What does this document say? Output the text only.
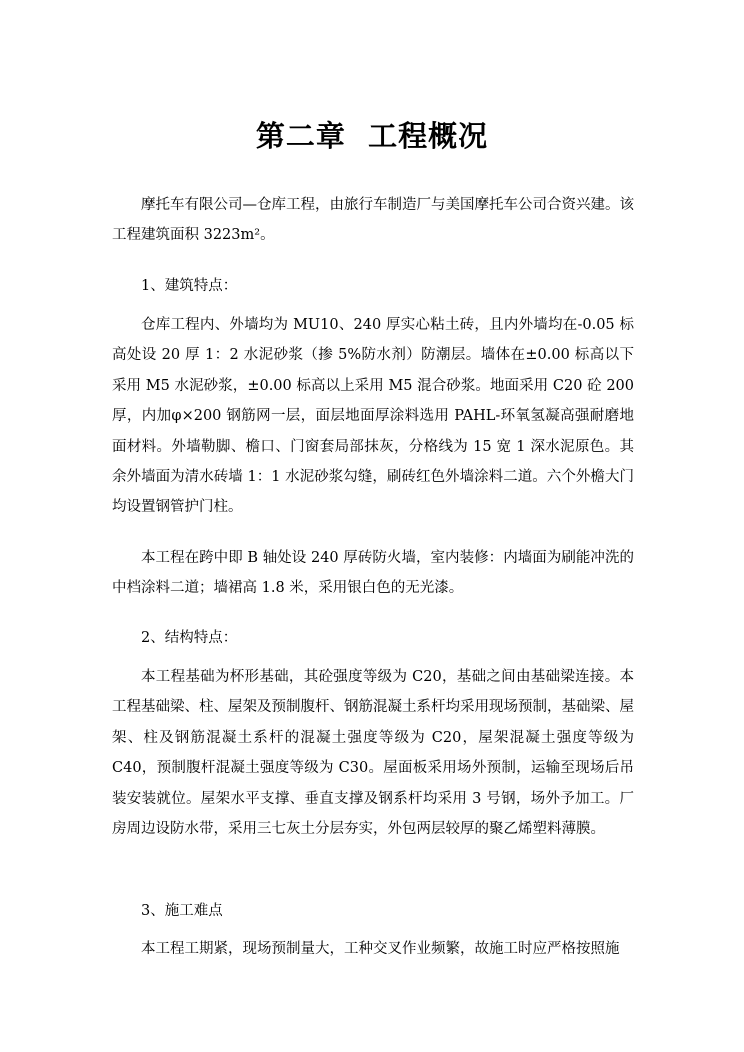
第二章  工程概况

摩托车有限公司—仓库工程，由旅行车制造厂与美国摩托车公司合资兴建。该工程建筑面积 3223m²。

1、建筑特点：

仓库工程内、外墙均为 MU10、240 厚实心粘土砖，且内外墙均在-0.05 标高处设 20 厚 1：2 水泥砂浆（掺 5%防水剂）防潮层。墙体在±0.00 标高以下采用 M5 水泥砂浆，±0.00 标高以上采用 M5 混合砂浆。地面采用 C20 砼 200 厚，内加φ×200 钢筋网一层，面层地面厚涂料选用 PAHL-环氧氢凝高强耐磨地面材料。外墙勒脚、檐口、门窗套局部抹灰，分格线为 15 宽 1 深水泥原色。其余外墙面为清水砖墙 1：1 水泥砂浆勾缝，刷砖红色外墙涂料二道。六个外檐大门均设置钢管护门柱。

本工程在跨中即 B 轴处设 240 厚砖防火墙，室内装修：内墙面为刷能冲洗的中档涂料二道；墙裙高 1.8 米，采用银白色的无光漆。

2、结构特点：

本工程基础为杯形基础，其砼强度等级为 C20，基础之间由基础梁连接。本工程基础梁、柱、屋架及预制腹杆、钢筋混凝土系杆均采用现场预制，基础梁、屋架、柱及钢筋混凝土系杆的混凝土强度等级为 C20，屋架混凝土强度等级为 C40，预制腹杆混凝土强度等级为 C30。屋面板采用场外预制，运输至现场后吊装安装就位。屋架水平支撑、垂直支撑及钢系杆均采用 3 号钢，场外予加工。厂房周边设防水带，采用三七灰土分层夯实，外包两层较厚的聚乙烯塑料薄膜。

3、施工难点

本工程工期紧，现场预制量大，工种交叉作业频繁，故施工时应严格按照施
